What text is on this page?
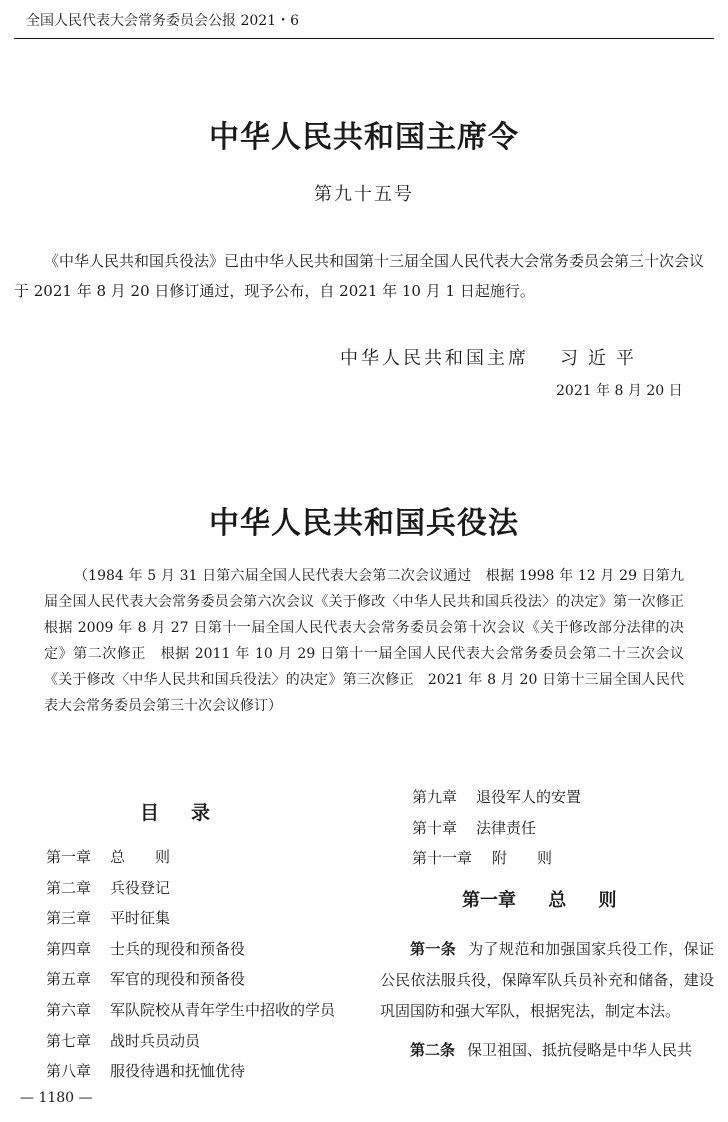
全国人民代表大会常务委员会公报 2021・6
中华人民共和国主席令
第九十五号
《中华人民共和国兵役法》已由中华人民共和国第十三届全国人民代表大会常务委员会第三十次会议于 2021 年 8 月 20 日修订通过，现予公布，自 2021 年 10 月 1 日起施行。
中华人民共和国主席 习近平
2021 年 8 月 20 日
中华人民共和国兵役法
（1984 年 5 月 31 日第六届全国人民代表大会第二次会议通过　根据 1998 年 12 月 29 日第九届全国人民代表大会常务委员会第六次会议《关于修改〈中华人民共和国兵役法〉的决定》第一次修正　根据 2009 年 8 月 27 日第十一届全国人民代表大会常务委员会第十次会议《关于修改部分法律的决定》第二次修正　根据 2011 年 10 月 29 日第十一届全国人民代表大会常务委员会第二十三次会议《关于修改〈中华人民共和国兵役法〉的决定》第三次修正　2021 年 8 月 20 日第十三届全国人民代表大会常务委员会第三十次会议修订）
目录
第一章 总　　则
第二章 兵役登记
第三章 平时征集
第四章 士兵的现役和预备役
第五章 军官的现役和预备役
第六章 军队院校从青年学生中招收的学员
第七章 战时兵员动员
第八章 服役待遇和抚恤优待
第九章 退役军人的安置
第十章 法律责任
第十一章 附　　则
第一章 总 则

第一条 为了规范和加强国家兵役工作，保证公民依法服兵役，保障军队兵员补充和储备，建设巩固国防和强大军队，根据宪法，制定本法。

第二条 保卫祖国、抵抗侵略是中华人民共

— 1180 —
